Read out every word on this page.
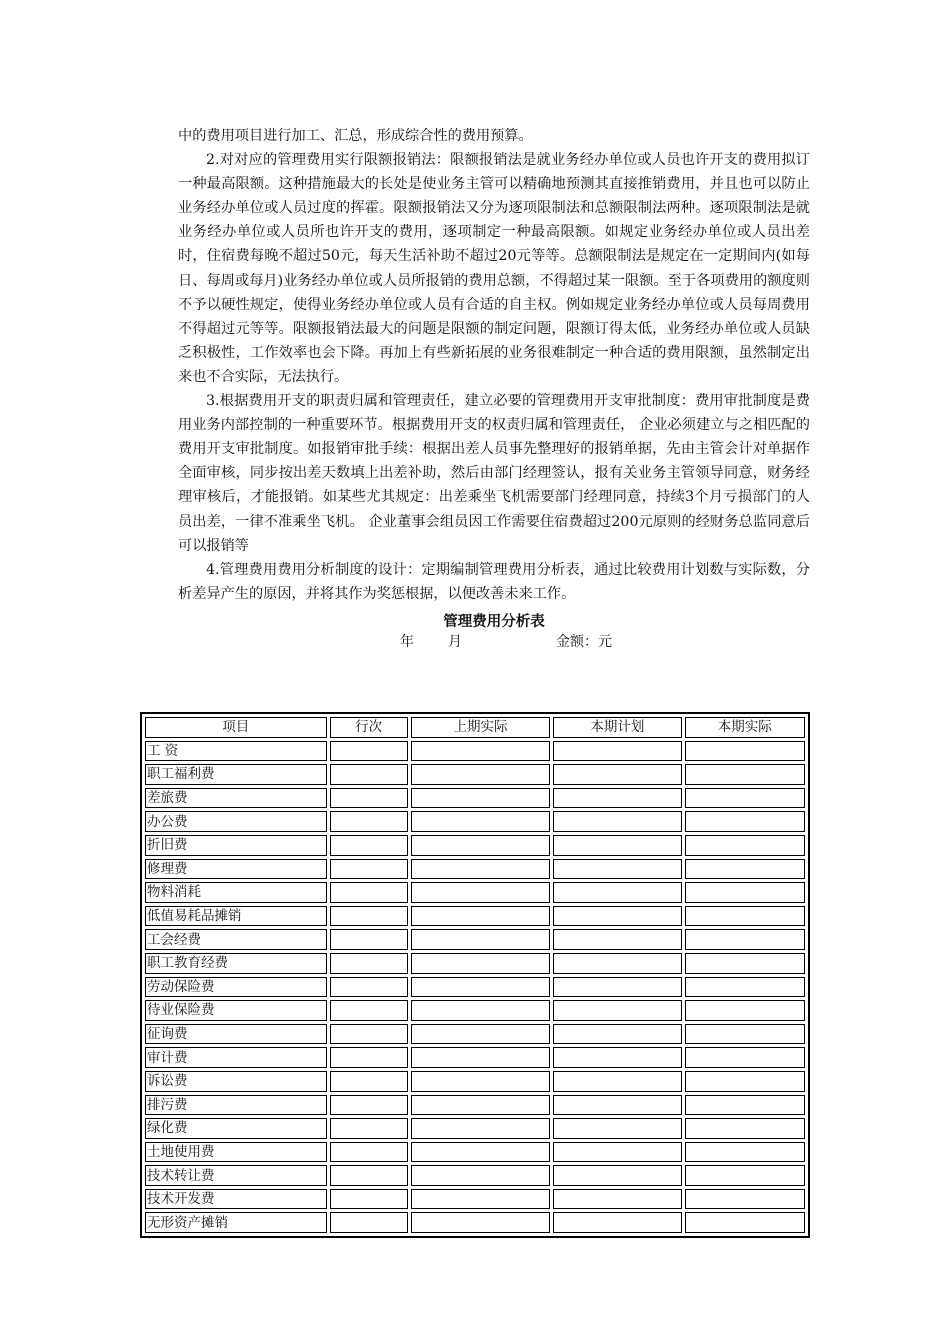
中的费用项目进行加工、汇总，形成综合性的费用预算。

2.对对应的管理费用实行限额报销法：限额报销法是就业务经办单位或人员也许开支的费用拟订一种最高限额。这种措施最大的长处是使业务主管可以精确地预测其直接推销费用，并且也可以防止业务经办单位或人员过度的挥霍。限额报销法又分为逐项限制法和总额限制法两种。逐项限制法是就业务经办单位或人员所也许开支的费用，逐项制定一种最高限额。如规定业务经办单位或人员出差时，住宿费每晚不超过50元，每天生活补助不超过20元等等。总额限制法是规定在一定期间内(如每日、每周或每月)业务经办单位或人员所报销的费用总额，不得超过某一限额。至于各项费用的额度则不予以硬性规定，使得业务经办单位或人员有合适的自主权。例如规定业务经办单位或人员每周费用不得超过元等等。限额报销法最大的问题是限额的制定问题，限额订得太低，业务经办单位或人员缺乏积极性，工作效率也会下降。再加上有些新拓展的业务很难制定一种合适的费用限额，虽然制定出来也不合实际，无法执行。

3.根据费用开支的职责归属和管理责任，建立必要的管理费用开支审批制度：费用审批制度是费用业务内部控制的一种重要环节。根据费用开支的权责归属和管理责任， 企业必须建立与之相匹配的费用开支审批制度。如报销审批手续：根据出差人员事先整理好的报销单据，先由主管会计对单据作全面审核，同步按出差天数填上出差补助，然后由部门经理签认，报有关业务主管领导同意，财务经理审核后，才能报销。如某些尤其规定：出差乘坐飞机需要部门经理同意，持续3个月亏损部门的人员出差，一律不准乘坐飞机。 企业董事会组员因工作需要住宿费超过200元原则的经财务总监同意后可以报销等

4.管理费用费用分析制度的设计：定期编制管理费用分析表，通过比较费用计划数与实际数，分析差异产生的原因，并将其作为奖惩根据，以便改善未来工作。

管理费用分析表
年 月	金额：元
项目	行次	上期实际	本期计划	本期实际
工 资				
职工福利费				
差旅费				
办公费				
折旧费				
修理费				
物料消耗				
低值易耗品摊销				
工会经费				
职工教育经费				
劳动保险费				
待业保险费				
征询费				
审计费				
诉讼费				
排污费				
绿化费				
土地使用费				
技术转让费				
技术开发费				
无形资产摊销				
